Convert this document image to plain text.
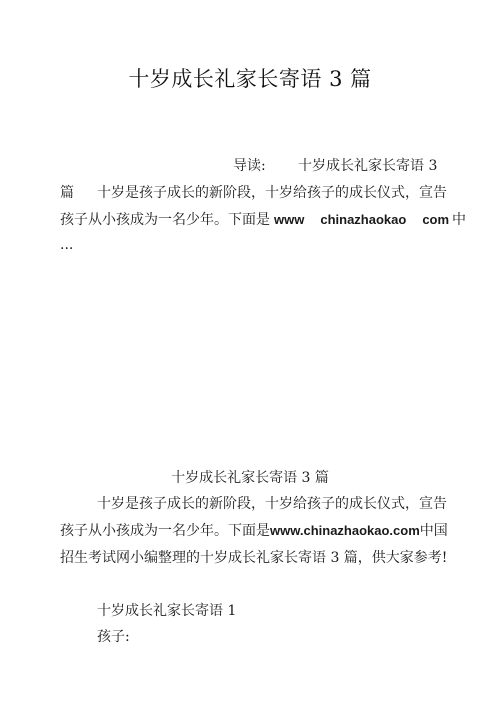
十岁成长礼家长寄语 3 篇
导读: 十岁成长礼家长寄语 3
篇 十岁是孩子成长的新阶段，十岁给孩子的成长仪式，宣告
孩子从小孩成为一名少年。下面是 www chinazhaokao com 中
...
十岁成长礼家长寄语 3 篇
十岁是孩子成长的新阶段，十岁给孩子的成长仪式，宣告
孩子从小孩成为一名少年。下面是www.chinazhaokao.com中国
招生考试网小编整理的十岁成长礼家长寄语 3 篇，供大家参考!
十岁成长礼家长寄语 1
孩子:
